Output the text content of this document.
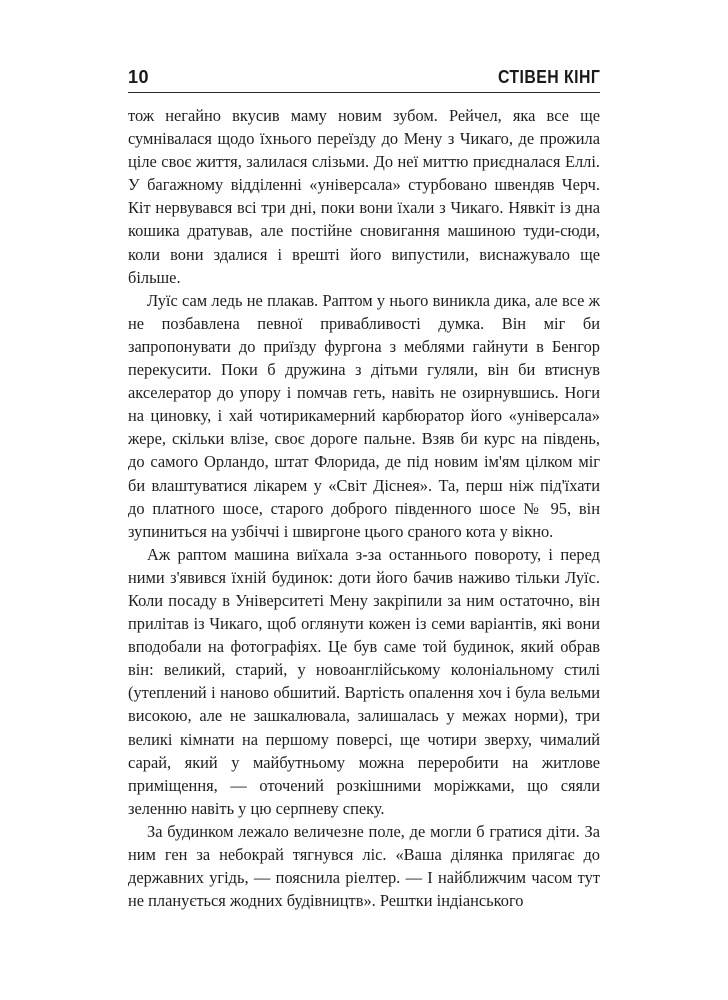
10	СТІВЕН КІНГ

тож негайно вкусив маму новим зубом. Рейчел, яка все ще сумнівалася щодо їхнього переїзду до Мену з Чикаго, де прожила ціле своє життя, залилася слізьми. До неї миттю приєдналася Еллі. У багажному відділенні «універсала» стурбовано швендяв Черч. Кіт нервувався всі три дні, поки вони їхали з Чикаго. Нявкіт із дна кошика дратував, але постійне сновигання машиною туди-сюди, коли вони здалися і врешті його випустили, виснажувало ще більше.

Луїс сам ледь не плакав. Раптом у нього виникла дика, але все ж не позбавлена певної привабливості думка. Він міг би запропонувати до приїзду фургона з меблями гайнути в Бенгор перекусити. Поки б дружина з дітьми гуляли, він би втиснув акселератор до упору і помчав геть, навіть не озирнувшись. Ноги на циновку, і хай чотирикамерний карбюратор його «універсала» жере, скільки влізе, своє дороге пальне. Взяв би курс на південь, до самого Орландо, штат Флорида, де під новим ім'ям цілком міг би влаштуватися лікарем у «Світ Діснея». Та, перш ніж під'їхати до платного шосе, старого доброго південного шосе № 95, він зупиниться на узбіччі і швиргоне цього сраного кота у вікно.

Аж раптом машина виїхала з-за останнього повороту, і перед ними з'явився їхній будинок: доти його бачив наживо тільки Луїс. Коли посаду в Університеті Мену закріпили за ним остаточно, він прилітав із Чикаго, щоб оглянути кожен із семи варіантів, які вони вподобали на фотографіях. Це був саме той будинок, який обрав він: великий, старий, у новоанглійському колоніальному стилі (утеплений і наново обшитий. Вартість опалення хоч і була вельми високою, але не зашкалювала, залишалась у межах норми), три великі кімнати на першому поверсі, ще чотири зверху, чималий сарай, який у майбутньому можна переробити на житлове приміщення, — оточений розкішними моріжками, що сяяли зеленню навіть у цю серпневу спеку.

За будинком лежало величезне поле, де могли б гратися діти. За ним ген за небокрай тягнувся ліс. «Ваша ділянка прилягає до державних угідь, — пояснила ріелтер. — І найближчим часом тут не планується жодних будівництв». Рештки індіанського
